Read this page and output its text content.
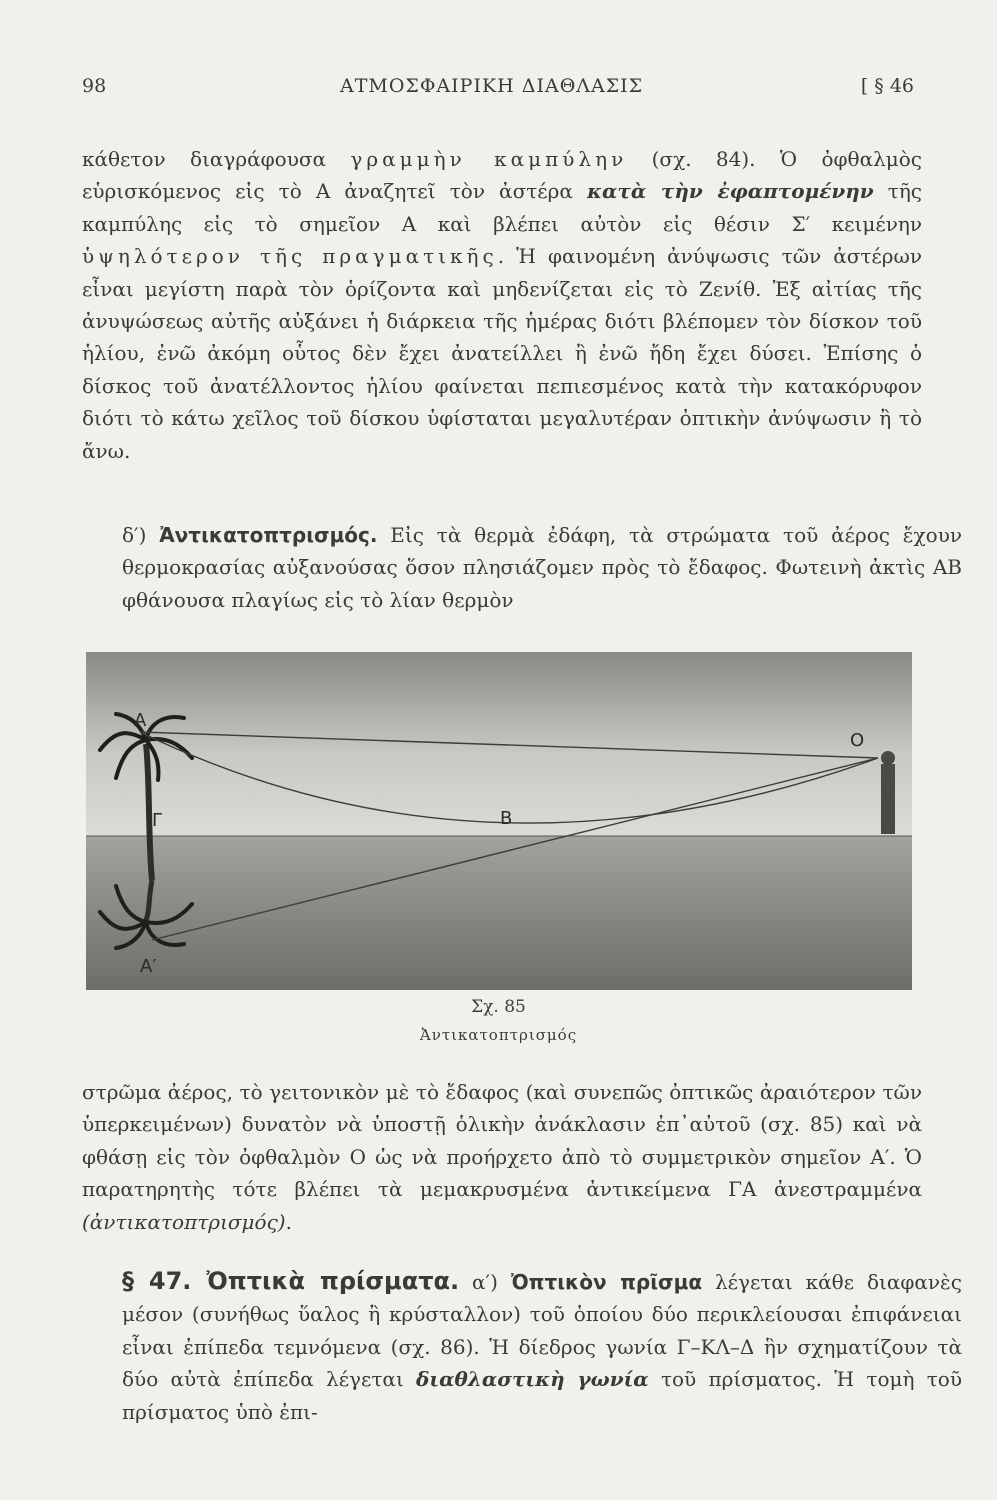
98	ΑΤΜΟΣΦΑΙΡΙΚΗ ΔΙΑΘΛΑΣΙΣ	[ § 46
κάθετον διαγράφουσα γραμμὴν καμπύλην (σχ. 84). Ὁ ὀφθαλμὸς εὑρισκόμενος εἰς τὸ Α ἀναζητεῖ τὸν ἀστέρα κατὰ τὴν ἐφαπτομένην τῆς καμπύλης εἰς τὸ σημεῖον Α καὶ βλέπει αὐτὸν εἰς θέσιν Σ′ κειμένην ὑψηλότερον τῆς πραγματικῆς. Ἡ φαινομένη ἀνύψωσις τῶν ἀστέρων εἶναι μεγίστη παρὰ τὸν ὁρίζοντα καὶ μηδενίζεται εἰς τὸ Ζενίθ. Ἐξ αἰτίας τῆς ἀνυψώσεως αὐτῆς αὐξάνει ἡ διάρκεια τῆς ἡμέρας διότι βλέπομεν τὸν δίσκον τοῦ ἡλίου, ἐνῶ ἀκόμη οὗτος δὲν ἔχει ἀνατείλλει ἢ ἐνῶ ἤδη ἔχει δύσει. Ἐπίσης ὁ δίσκος τοῦ ἀνατέλλοντος ἡλίου φαίνεται πεπιεσμένος κατὰ τὴν κατακόρυφον διότι τὸ κάτω χεῖλος τοῦ δίσκου ὑφίσταται μεγαλυτέραν ὀπτικὴν ἀνύψωσιν ἢ τὸ ἄνω.
δ′) Ἀντικατοπτρισμός. Εἰς τὰ θερμὰ ἐδάφη, τὰ στρώματα τοῦ ἀέρος ἔχουν θερμοκρασίας αὐξανούσας ὅσον πλησιάζομεν πρὸς τὸ ἔδαφος. Φωτεινὴ ἀκτὶς ΑΒ φθάνουσα πλαγίως εἰς τὸ λίαν θερμὸν
Α
O
Γ	B
Α′
Σχ. 85
Ἀντικατοπτρισμός
στρῶμα ἀέρος, τὸ γειτονικὸν μὲ τὸ ἔδαφος (καὶ συνεπῶς ὀπτικῶς ἀραιότερον τῶν ὑπερκειμένων) δυνατὸν νὰ ὑποστῇ ὁλικὴν ἀνάκλασιν ἐπ᾽αὐτοῦ (σχ. 85) καὶ νὰ φθάσῃ εἰς τὸν ὀφθαλμὸν Ο ὡς νὰ προήρχετο ἀπὸ τὸ συμμετρικὸν σημεῖον Α′. Ὁ παρατηρητὴς τότε βλέπει τὰ μεμακρυσμένα ἀντικείμενα ΓΑ ἀνεστραμμένα (ἀντικατοπτρισμός).
§ 47. Ὀπτικὰ πρίσματα. α′) Ὀπτικὸν πρῖσμα λέγεται κάθε διαφανὲς μέσον (συνήθως ὕαλος ἢ κρύσταλλον) τοῦ ὁποίου δύο περικλείουσαι ἐπιφάνειαι εἶναι ἐπίπεδα τεμνόμενα (σχ. 86). Ἡ δίεδρος γωνία Γ–ΚΛ–Δ ἣν σχηματίζουν τὰ δύο αὐτὰ ἐπίπεδα λέγεται διαθλαστικὴ γωνία τοῦ πρίσματος. Ἡ τομὴ τοῦ πρίσματος ὑπὸ ἐπι-
